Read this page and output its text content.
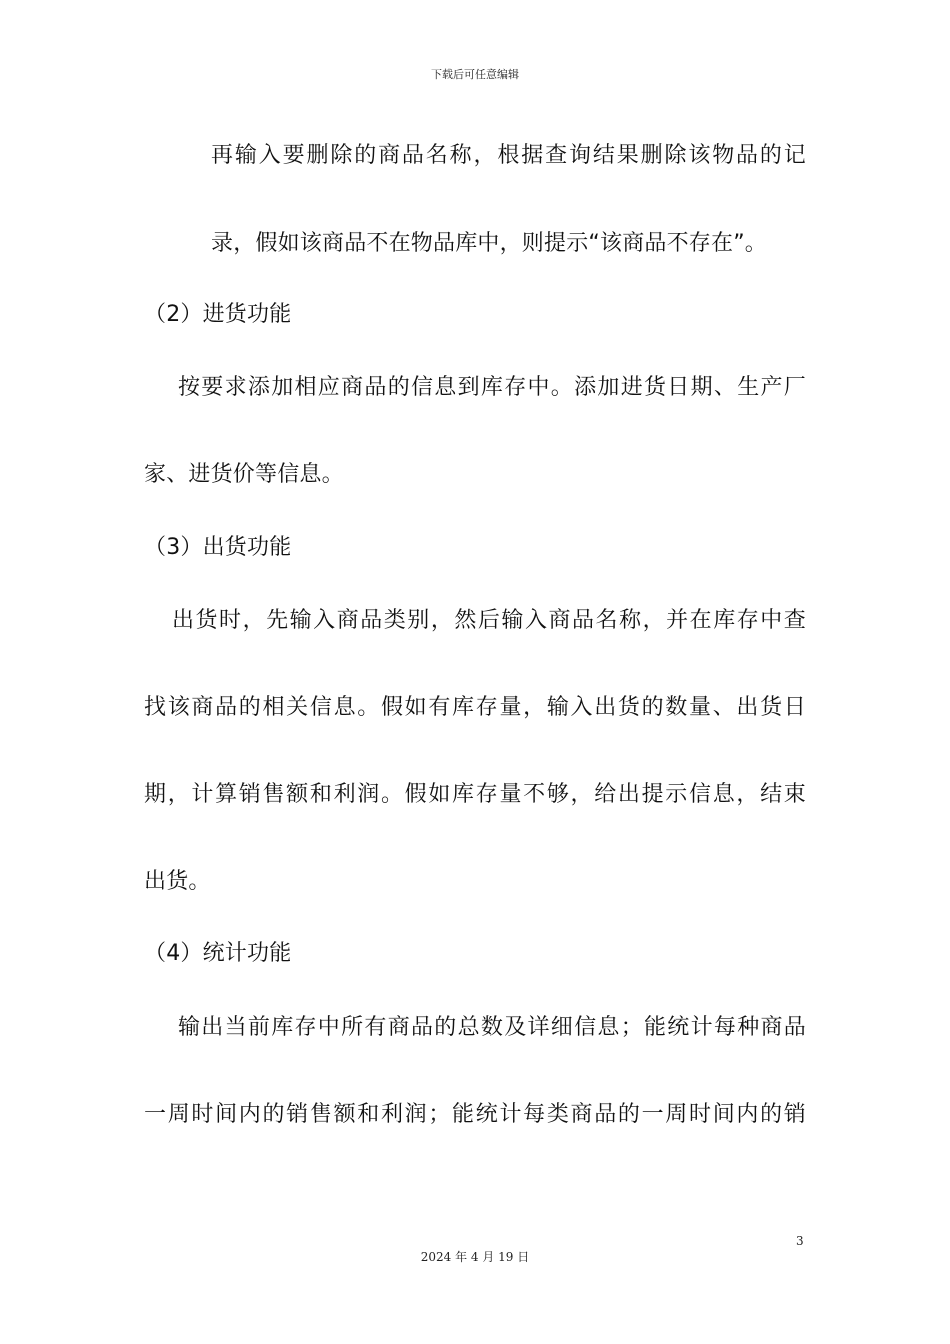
下载后可任意编辑
再输入要删除的商品名称，根据查询结果删除该物品的记
录，假如该商品不在物品库中，则提示“该商品不存在”。
（2）进货功能
按要求添加相应商品的信息到库存中。添加进货日期、生产厂
家、进货价等信息。
（3）出货功能
出货时，先输入商品类别，然后输入商品名称，并在库存中查
找该商品的相关信息。假如有库存量，输入出货的数量、出货日
期，计算销售额和利润。假如库存量不够，给出提示信息，结束
出货。
（4）统计功能
输出当前库存中所有商品的总数及详细信息；能统计每种商品
一周时间内的销售额和利润；能统计每类商品的一周时间内的销
3
2024 年 4 月 19 日
